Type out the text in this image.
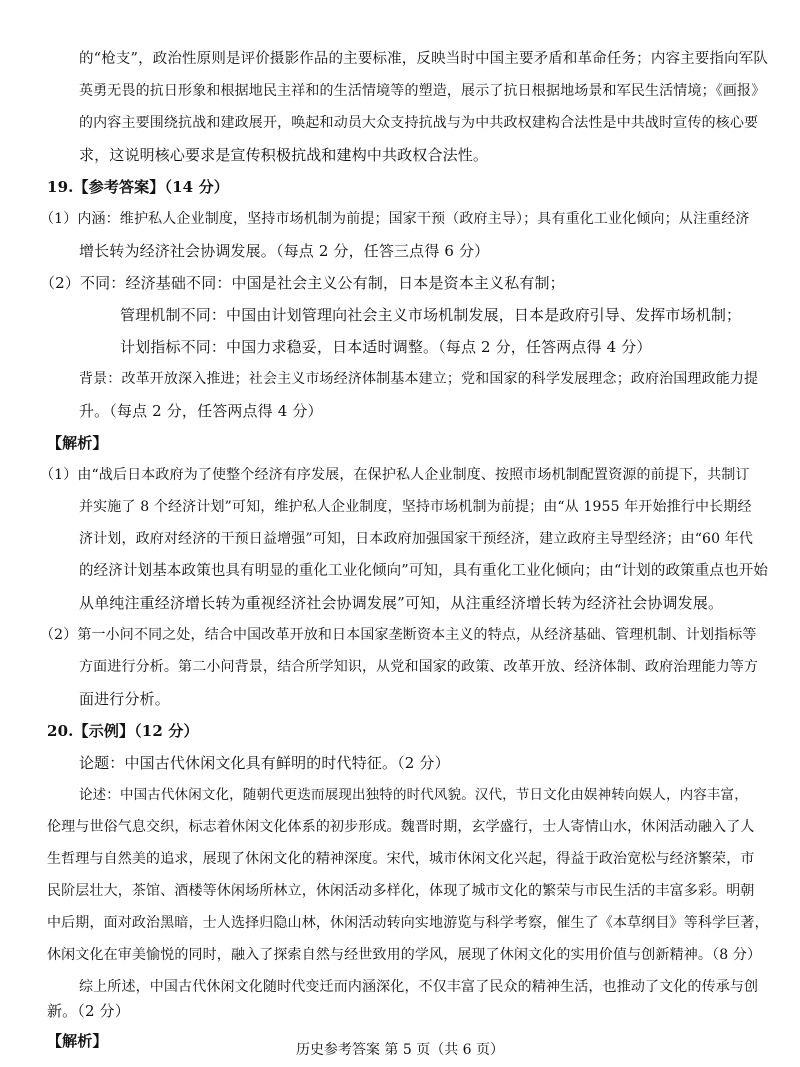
的“枪支”，政治性原则是评价摄影作品的主要标准，反映当时中国主要矛盾和革命任务；内容主要指向军队
英勇无畏的抗日形象和根据地民主祥和的生活情境等的塑造，展示了抗日根据地场景和军民生活情境；《画报》
的内容主要围绕抗战和建政展开，唤起和动员大众支持抗战与为中共政权建构合法性是中共战时宣传的核心要
求，这说明核心要求是宣传积极抗战和建构中共政权合法性。
19.【参考答案】（14 分）
（1）内涵：维护私人企业制度，坚持市场机制为前提；国家干预（政府主导）；具有重化工业化倾向；从注重经济
增长转为经济社会协调发展。（每点 2 分，任答三点得 6 分）
（2）不同：经济基础不同：中国是社会主义公有制，日本是资本主义私有制；
管理机制不同：中国由计划管理向社会主义市场机制发展，日本是政府引导、发挥市场机制；
计划指标不同：中国力求稳妥，日本适时调整。（每点 2 分，任答两点得 4 分）
背景：改革开放深入推进；社会主义市场经济体制基本建立；党和国家的科学发展理念；政府治国理政能力提
升。（每点 2 分，任答两点得 4 分）
【解析】
（1）由“战后日本政府为了使整个经济有序发展，在保护私人企业制度、按照市场机制配置资源的前提下，共制订
并实施了 8 个经济计划”可知，维护私人企业制度，坚持市场机制为前提；由“从 1955 年开始推行中长期经
济计划，政府对经济的干预日益增强”可知，日本政府加强国家干预经济，建立政府主导型经济；由“60 年代
的经济计划基本政策也具有明显的重化工业化倾向”可知，具有重化工业化倾向；由“计划的政策重点也开始
从单纯注重经济增长转为重视经济社会协调发展”可知，从注重经济增长转为经济社会协调发展。
（2）第一小问不同之处，结合中国改革开放和日本国家垄断资本主义的特点，从经济基础、管理机制、计划指标等
方面进行分析。第二小问背景，结合所学知识，从党和国家的政策、改革开放、经济体制、政府治理能力等方
面进行分析。
20.【示例】（12 分）
论题：中国古代休闲文化具有鲜明的时代特征。（2 分）
论述：中国古代休闲文化，随朝代更迭而展现出独特的时代风貌。汉代，节日文化由娱神转向娱人，内容丰富，
伦理与世俗气息交织，标志着休闲文化体系的初步形成。魏晋时期，玄学盛行，士人寄情山水，休闲活动融入了人
生哲理与自然美的追求，展现了休闲文化的精神深度。宋代，城市休闲文化兴起，得益于政治宽松与经济繁荣，市
民阶层壮大，茶馆、酒楼等休闲场所林立，休闲活动多样化，体现了城市文化的繁荣与市民生活的丰富多彩。明朝
中后期，面对政治黑暗，士人选择归隐山林，休闲活动转向实地游览与科学考察，催生了《本草纲目》等科学巨著，
休闲文化在审美愉悦的同时，融入了探索自然与经世致用的学风，展现了休闲文化的实用价值与创新精神。（8 分）
综上所述，中国古代休闲文化随时代变迁而内涵深化，不仅丰富了民众的精神生活，也推动了文化的传承与创
历史参考答案 第 5 页（共 6 页）
新。（2 分）
【解析】
